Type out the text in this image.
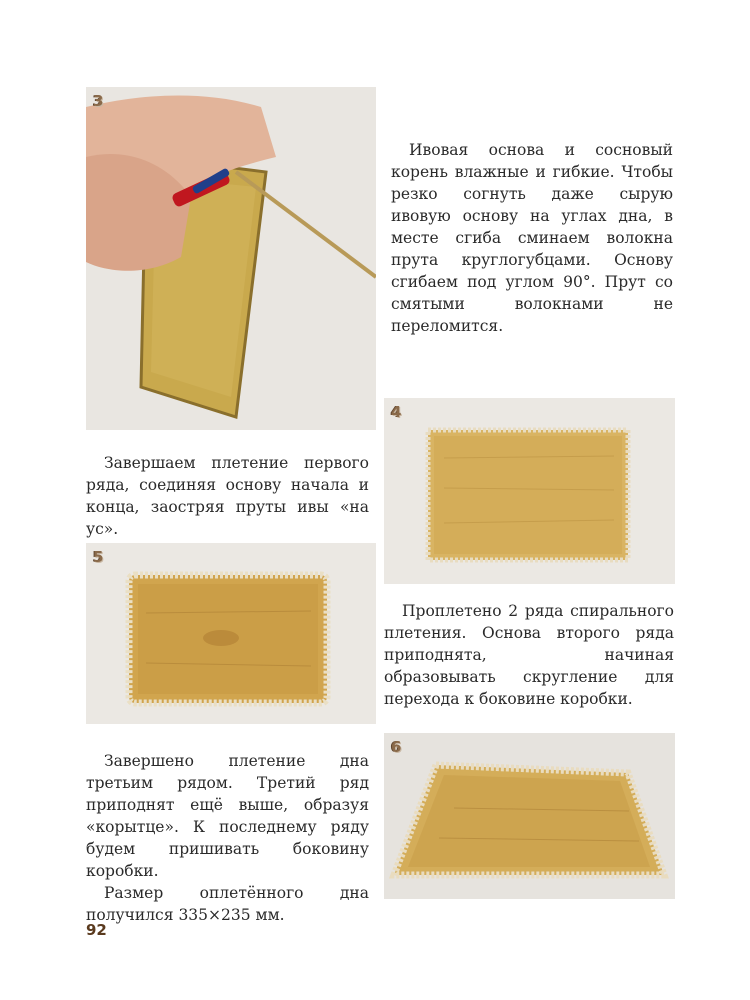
3

Ивовая основа и сосновый корень влажные и гибкие. Чтобы резко согнуть даже сырую ивовую основу на углах дна, в месте сгиба сминаем волокна прута круглогубцами. Основу сгибаем под углом 90°. Прут со смятыми волокнами не переломится.

Завершаем плетение первого ряда, соединяя основу начала и конца, заостряя пруты ивы «на ус».

4
5

Проплетено 2 ряда спирального плетения. Основа второго ряда приподнята, начиная образовывать скругление для перехода к боковине коробки.

Завершено плетение дна третьим рядом. Третий ряд приподнят ещё выше, образуя «корытце». К последнему ряду будем пришивать боковину коробки.

Размер оплетённого дна получился 335×235 мм.

6
92
